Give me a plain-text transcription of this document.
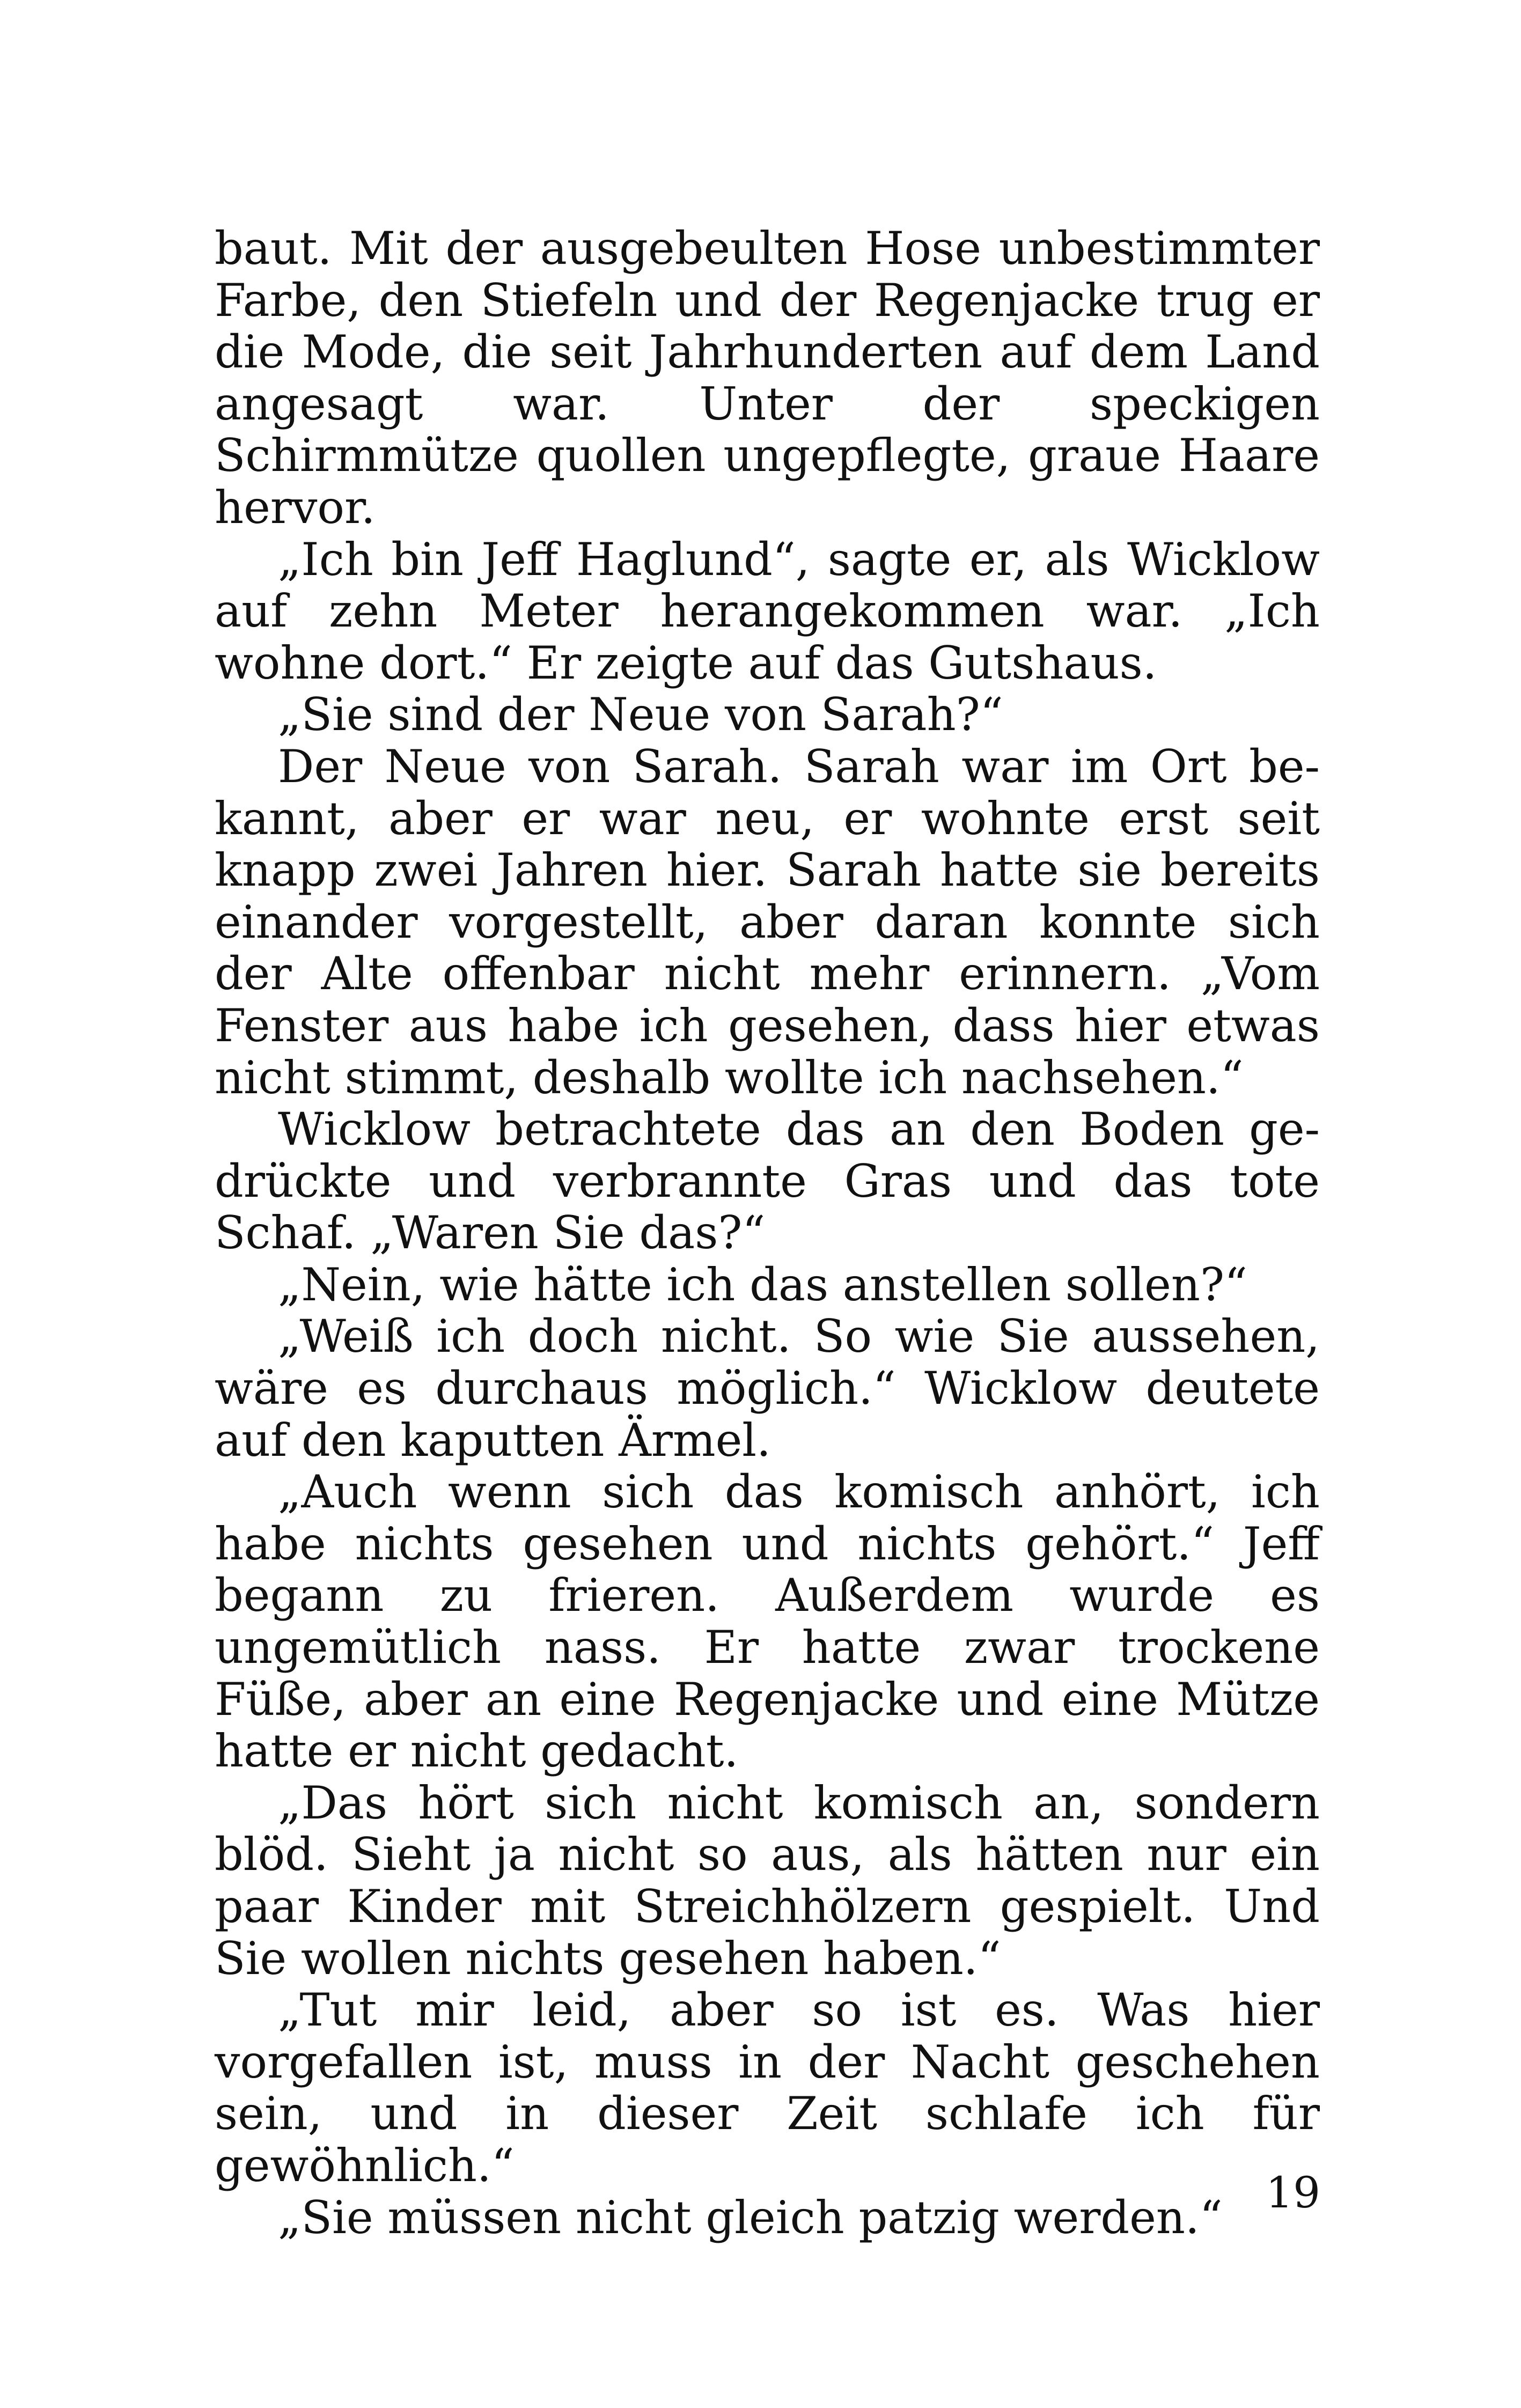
baut. Mit der ausgebeulten Hose unbestimmter Farbe, den Stiefeln und der Regenjacke trug er die Mode, die seit Jahrhunderten auf dem Land angesagt war. Unter der speckigen Schirmmütze quollen ungepflegte, graue Haare hervor.

„Ich bin Jeff Haglund“, sagte er, als Wicklow auf zehn Meter herangekommen war. „Ich wohne dort.“ Er zeigte auf das Gutshaus.

„Sie sind der Neue von Sarah?“

Der Neue von Sarah. Sarah war im Ort bekannt, aber er war neu, er wohnte erst seit knapp zwei Jahren hier. Sarah hatte sie bereits einander vorgestellt, aber daran konnte sich der Alte offenbar nicht mehr erinnern. „Vom Fenster aus habe ich gesehen, dass hier etwas nicht stimmt, deshalb wollte ich nachsehen.“

Wicklow betrachtete das an den Boden gedrückte und verbrannte Gras und das tote Schaf. „Waren Sie das?“

„Nein, wie hätte ich das anstellen sollen?“

„Weiß ich doch nicht. So wie Sie aussehen, wäre es durchaus möglich.“ Wicklow deutete auf den kaputten Ärmel.

„Auch wenn sich das komisch anhört, ich habe nichts gesehen und nichts gehört.“ Jeff begann zu frieren. Außerdem wurde es ungemütlich nass. Er hatte zwar trockene Füße, aber an eine Regenjacke und eine Mütze hatte er nicht gedacht.

„Das hört sich nicht komisch an, sondern blöd. Sieht ja nicht so aus, als hätten nur ein paar Kinder mit Streichhölzern gespielt. Und Sie wollen nichts gesehen haben.“

„Tut mir leid, aber so ist es. Was hier vorgefallen ist, muss in der Nacht geschehen sein, und in dieser Zeit schlafe ich für gewöhnlich.“

„Sie müssen nicht gleich patzig werden.“	19
